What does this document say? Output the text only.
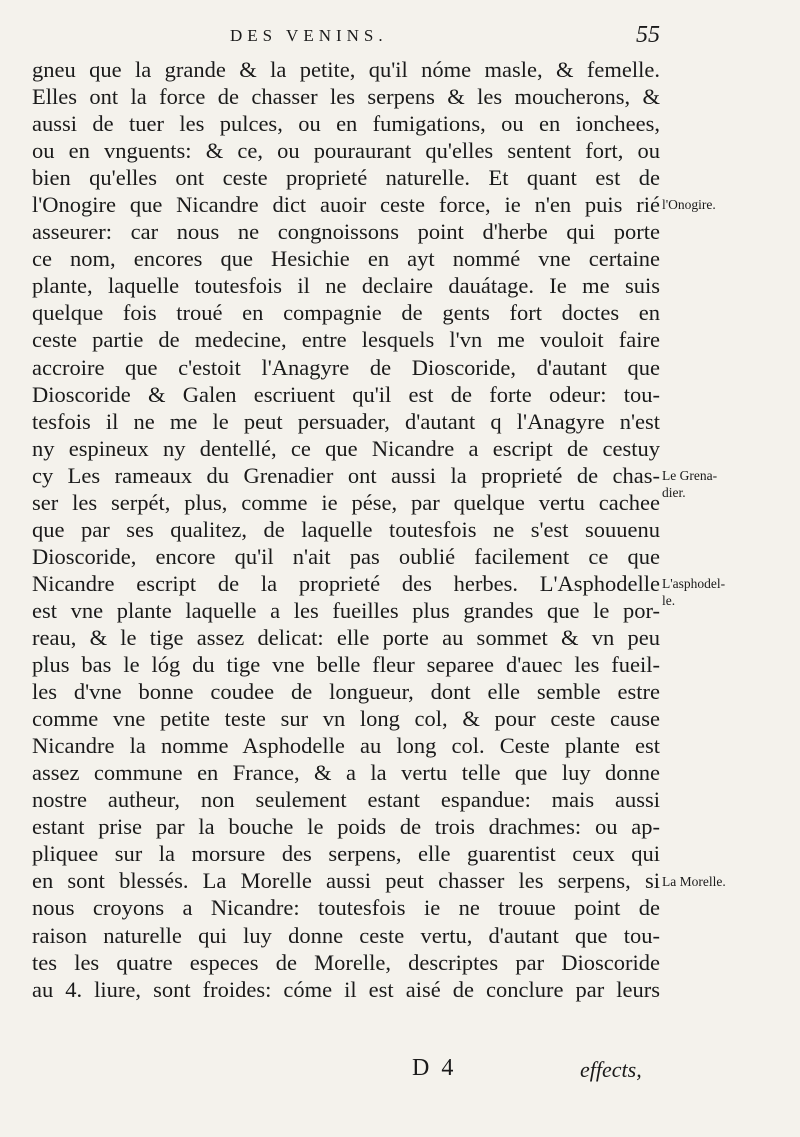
DES VENINS.	55
gneu que la grande & la petite, qu'il nóme masle, & femelle.
Elles ont la force de chasser les serpens & les moucherons, &
aussi de tuer les pulces, ou en fumigations, ou en ionchees,
ou en vnguents: & ce, ou pouraurant qu'elles sentent fort, ou
bien qu'elles ont ceste proprieté naturelle. Et quant est de
l'Onogire que Nicandre dict auoir ceste force, ie n'en puis rié
asseurer: car nous ne congnoissons point d'herbe qui porte
ce nom, encores que Hesichie en ayt nommé vne certaine
plante, laquelle toutesfois il ne declaire dauátage. Ie me suis
quelque fois troué en compagnie de gents fort doctes en
ceste partie de medecine, entre lesquels l'vn me vouloit faire
accroire que c'estoit l'Anagyre de Dioscoride, d'autant que
Dioscoride & Galen escriuent qu'il est de forte odeur: tou-
tesfois il ne me le peut persuader, d'autant q l'Anagyre n'est
ny espineux ny dentellé, ce que Nicandre a escript de cestuy
cy Les rameaux du Grenadier ont aussi la proprieté de chas-
ser les serpét, plus, comme ie pése, par quelque vertu cachee
que par ses qualitez, de laquelle toutesfois ne s'est souuenu
Dioscoride, encore qu'il n'ait pas oublié facilement ce que
Nicandre escript de la proprieté des herbes. L'Asphodelle
est vne plante laquelle a les fueilles plus grandes que le por-
reau, & le tige assez delicat: elle porte au sommet & vn peu
plus bas le lóg du tige vne belle fleur separee d'auec les fueil-
les d'vne bonne coudee de longueur, dont elle semble estre
comme vne petite teste sur vn long col, & pour ceste cause
Nicandre la nomme Asphodelle au long col. Ceste plante est
assez commune en France, & a la vertu telle que luy donne
nostre autheur, non seulement estant espandue: mais aussi
estant prise par la bouche le poids de trois drachmes: ou ap-
pliquee sur la morsure des serpens, elle guarentist ceux qui
en sont blessés. La Morelle aussi peut chasser les serpens, si
nous croyons a Nicandre: toutesfois ie ne trouue point de
raison naturelle qui luy donne ceste vertu, d'autant que tou-
tes les quatre especes de Morelle, descriptes par Dioscoride
au 4. liure, sont froides: cóme il est aisé de conclure par leurs
l'Onogire.
Le Grena-
dier.
L'asphodel-
le.
La Morelle.
D 4	effects,
